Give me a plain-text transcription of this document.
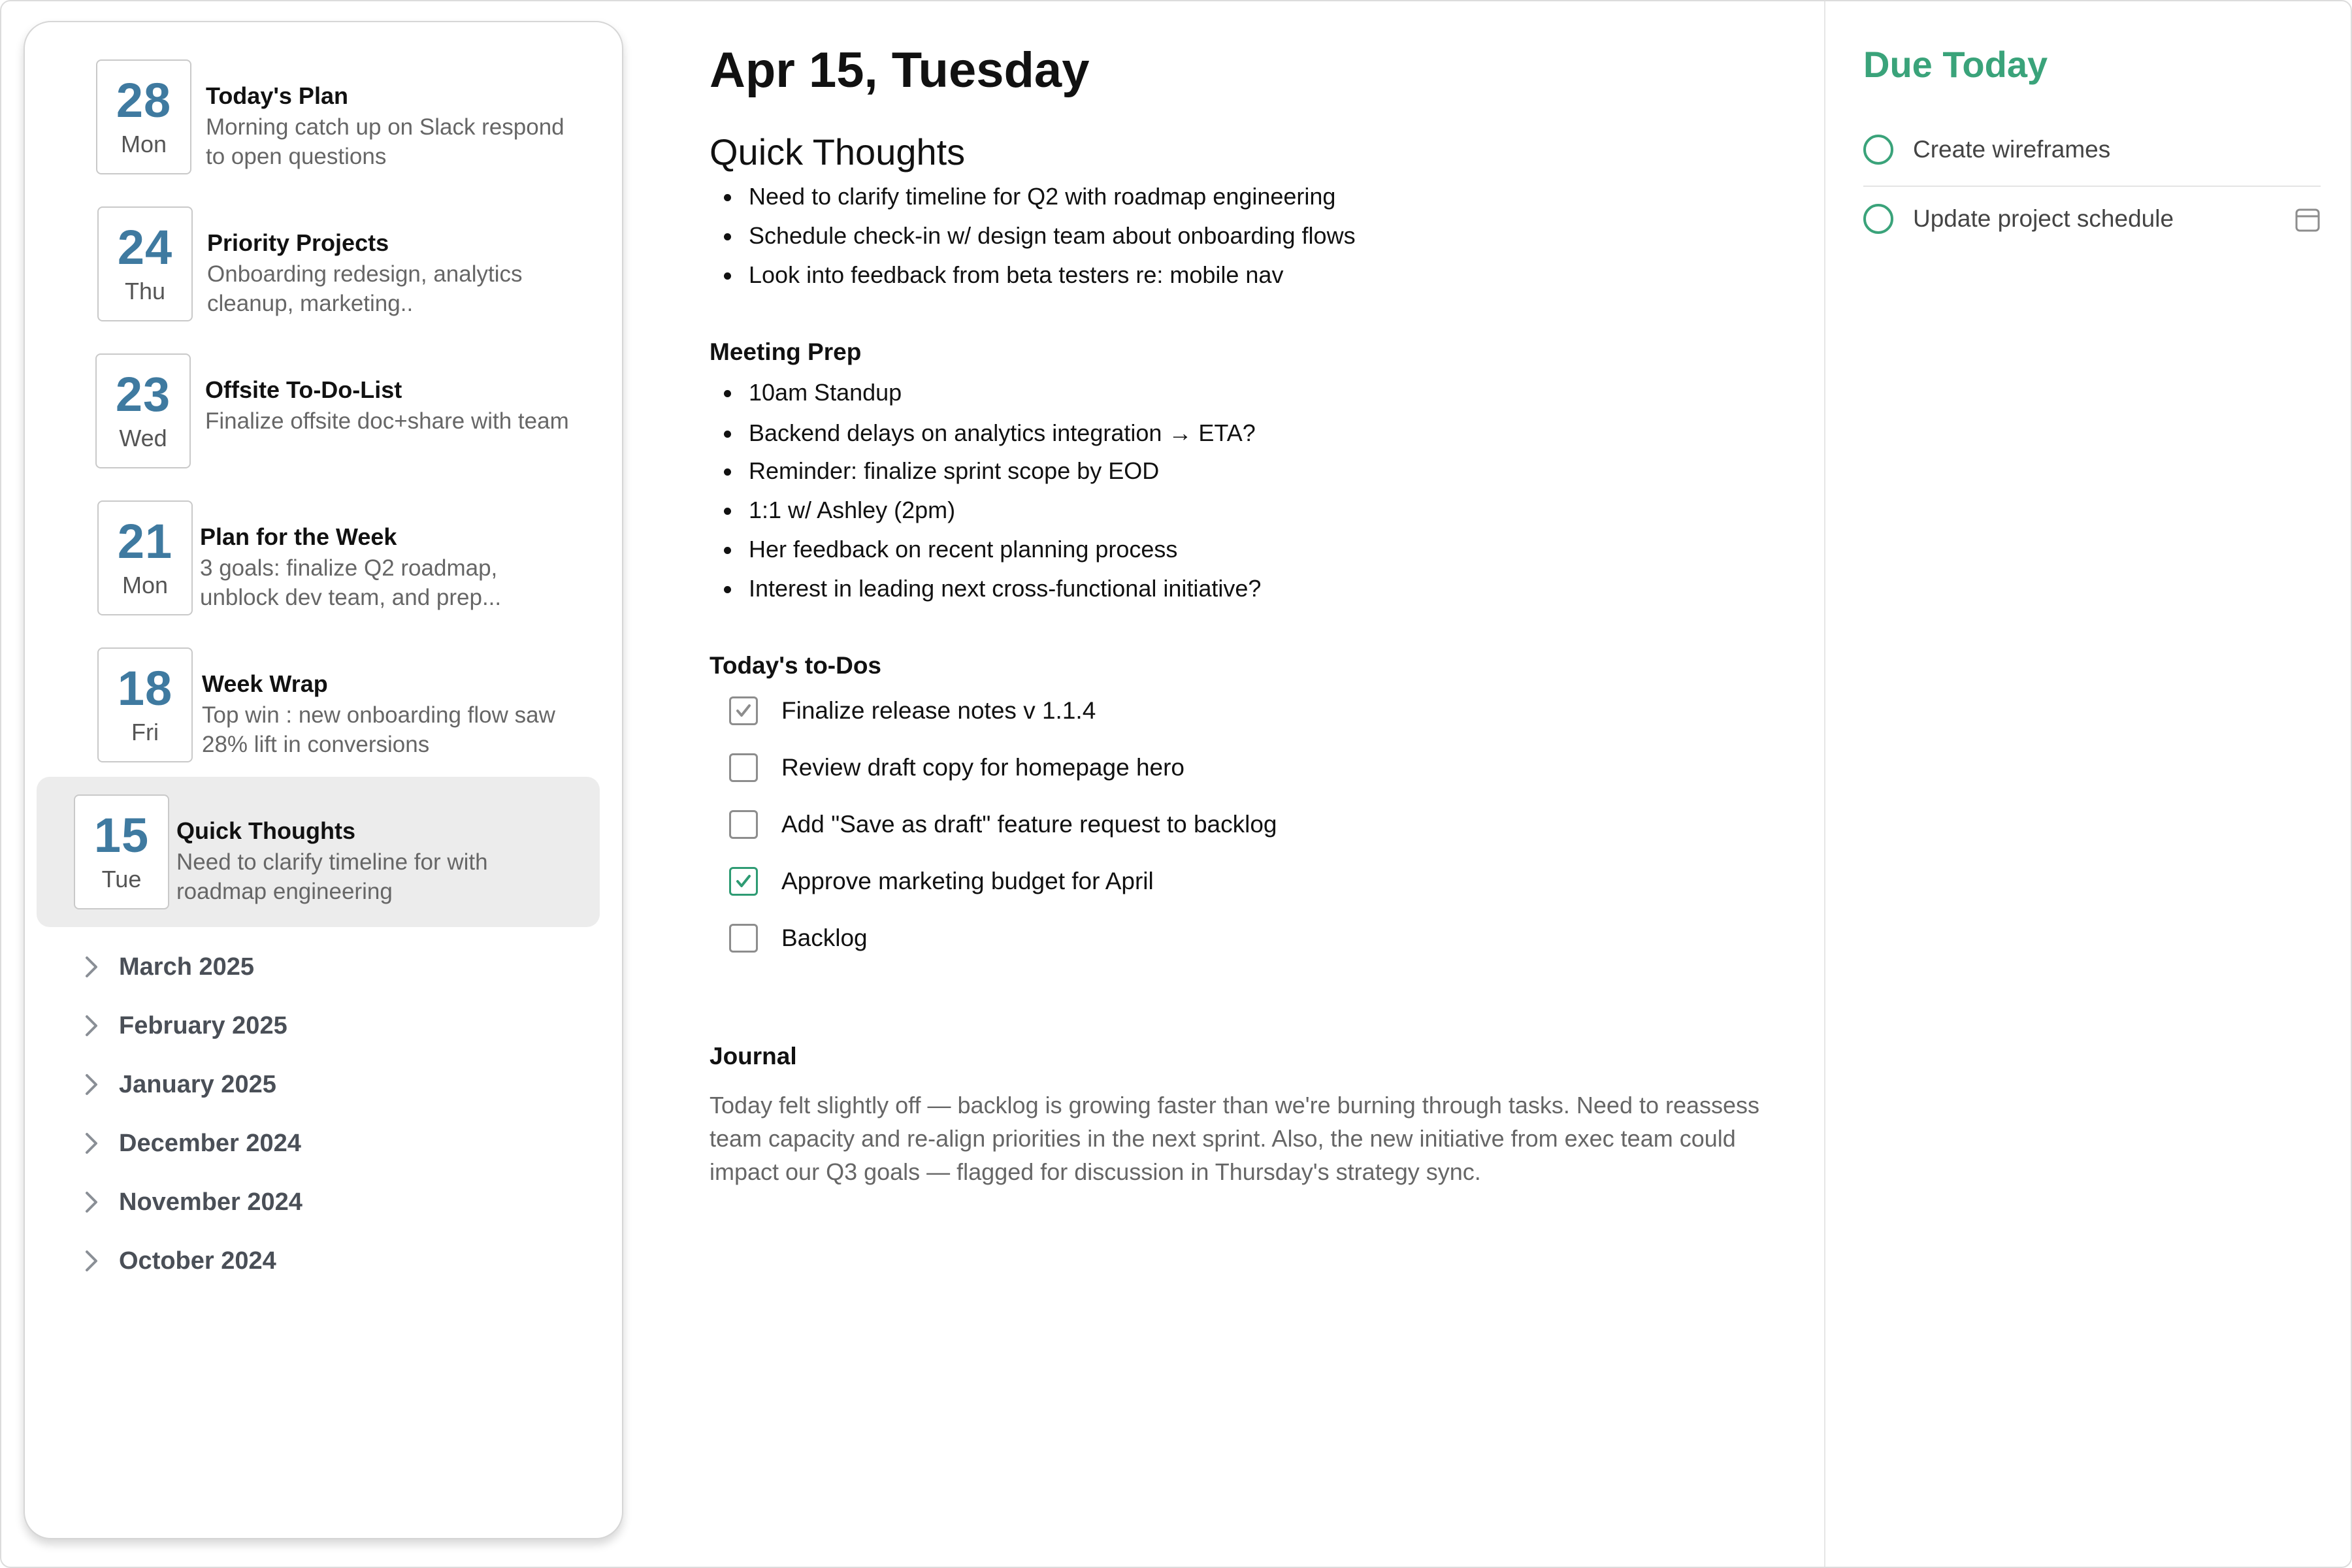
28
Mon
Today's Plan
Morning catch up on Slack respond to open questions
24
Thu
Priority Projects
Onboarding redesign, analytics cleanup, marketing..
23
Wed
Offsite To-Do-List
Finalize offsite doc+share with team
21
Mon
Plan for the Week
3 goals: finalize Q2 roadmap, unblock dev team, and prep...
18
Fri
Week Wrap
Top win : new onboarding flow saw 28% lift in conversions
15
Tue
Quick Thoughts
Need to clarify timeline for with roadmap engineering
March 2025
February 2025
January 2025
December 2024
November 2024
October 2024
Apr 15, Tuesday
Quick Thoughts
Need to clarify timeline for Q2 with roadmap engineering
Schedule check-in w/ design team about onboarding flows
Look into feedback from beta testers re: mobile nav
Meeting Prep
10am Standup
Backend delays on analytics integration → ETA?
Reminder: finalize sprint scope by EOD
1:1 w/ Ashley (2pm)
Her feedback on recent planning process
Interest in leading next cross-functional initiative?
Today's to-Dos
Finalize release notes v 1.1.4
Review draft copy for homepage hero
Add "Save as draft" feature request to backlog
Approve marketing budget for April
Backlog
Journal
Today felt slightly off — backlog is growing faster than we're burning through tasks. Need to reassess team capacity and re-align priorities in the next sprint. Also, the new initiative from exec team could impact our Q3 goals — flagged for discussion in Thursday's strategy sync.
Due Today
Create wireframes
Update project schedule
